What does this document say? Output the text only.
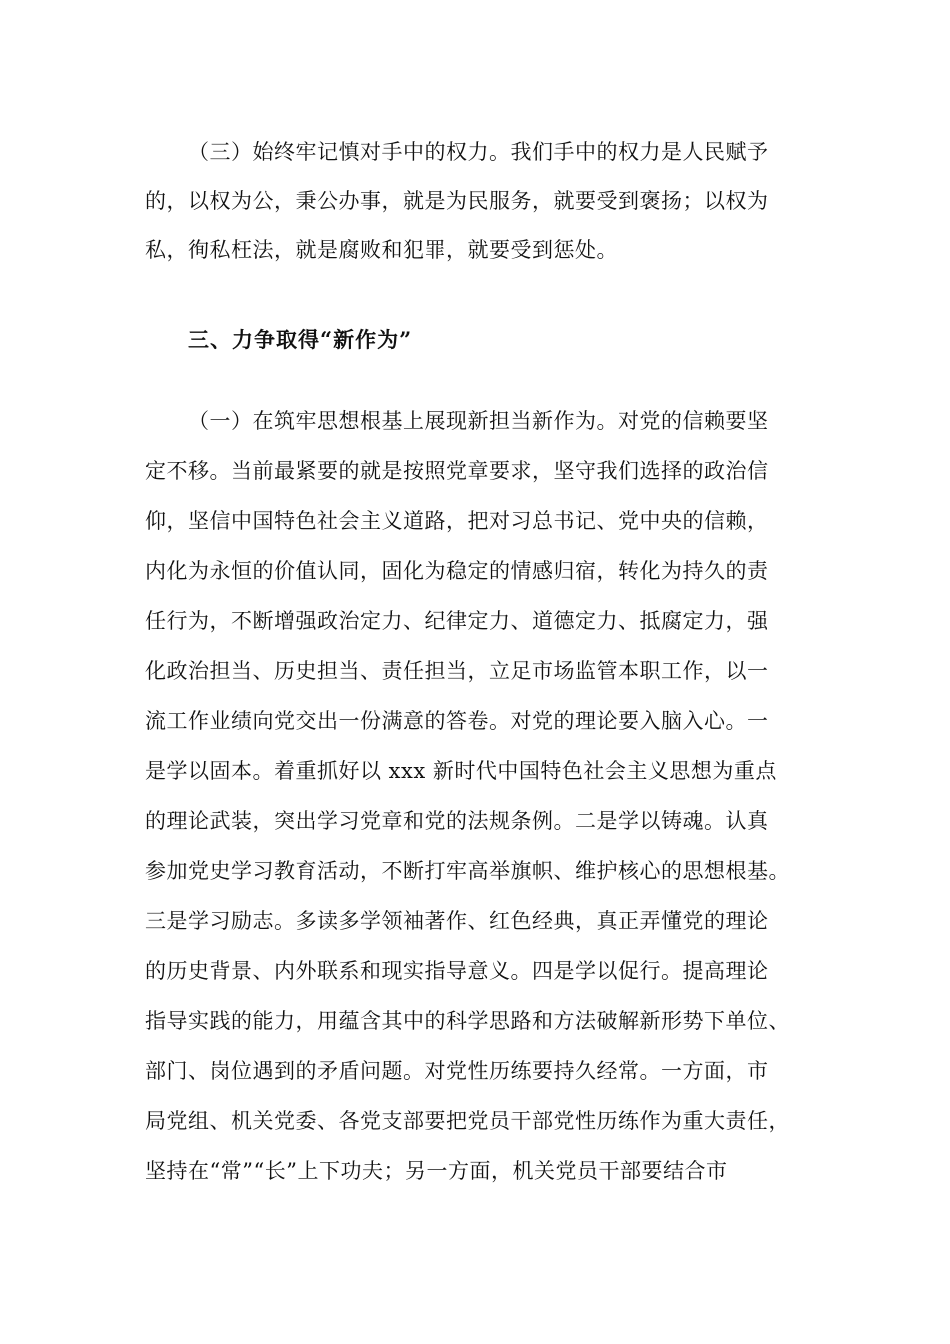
（三）始终牢记慎对手中的权力。我们手中的权力是人民赋予
的，以权为公，秉公办事，就是为民服务，就要受到褒扬；以权为
私，徇私枉法，就是腐败和犯罪，就要受到惩处。
三、力争取得“新作为”
（一）在筑牢思想根基上展现新担当新作为。对党的信赖要坚
定不移。当前最紧要的就是按照党章要求，坚守我们选择的政治信
仰，坚信中国特色社会主义道路，把对习总书记、党中央的信赖，
内化为永恒的价值认同，固化为稳定的情感归宿，转化为持久的责
任行为，不断增强政治定力、纪律定力、道德定力、抵腐定力，强
化政治担当、历史担当、责任担当，立足市场监管本职工作，以一
流工作业绩向党交出一份满意的答卷。对党的理论要入脑入心。一
是学以固本。着重抓好以 xxx 新时代中国特色社会主义思想为重点
的理论武装，突出学习党章和党的法规条例。二是学以铸魂。认真
参加党史学习教育活动，不断打牢高举旗帜、维护核心的思想根基。
三是学习励志。多读多学领袖著作、红色经典，真正弄懂党的理论
的历史背景、内外联系和现实指导意义。四是学以促行。提高理论
指导实践的能力，用蕴含其中的科学思路和方法破解新形势下单位、
部门、岗位遇到的矛盾问题。对党性历练要持久经常。一方面，市
局党组、机关党委、各党支部要把党员干部党性历练作为重大责任，
坚持在“常”“长”上下功夫；另一方面，机关党员干部要结合市
